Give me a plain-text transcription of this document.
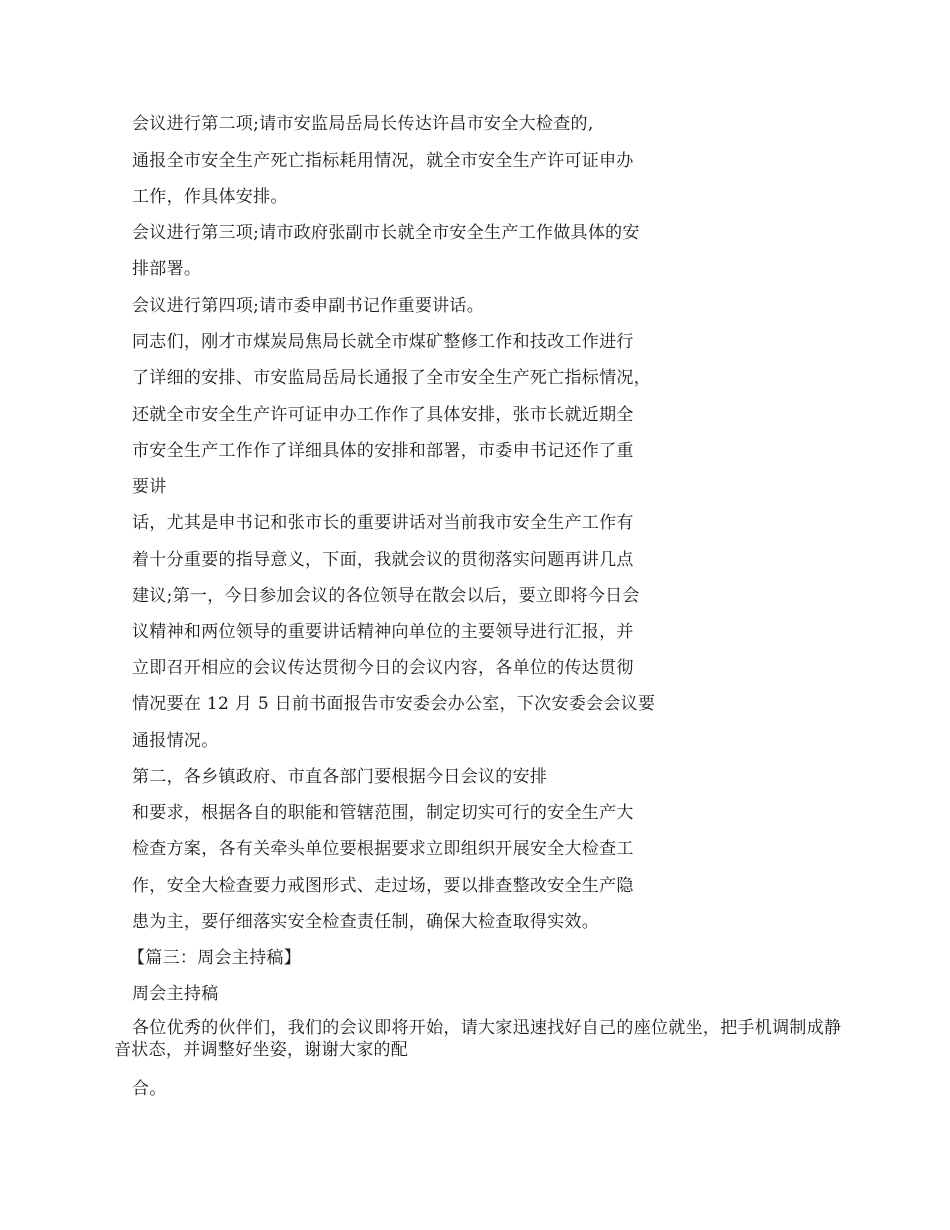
会议进行第二项;请市安监局岳局长传达许昌市安全大检查的,
通报全市安全生产死亡指标耗用情况，就全市安全生产许可证申办
工作，作具体安排。
会议进行第三项;请市政府张副市长就全市安全生产工作做具体的安
排部署。
会议进行第四项;请市委申副书记作重要讲话。
同志们，刚才市煤炭局焦局长就全市煤矿整修工作和技改工作进行
了详细的安排、市安监局岳局长通报了全市安全生产死亡指标情况，
还就全市安全生产许可证申办工作作了具体安排，张市长就近期全
市安全生产工作作了详细具体的安排和部署，市委申书记还作了重
要讲
话，尤其是申书记和张市长的重要讲话对当前我市安全生产工作有
着十分重要的指导意义，下面，我就会议的贯彻落实问题再讲几点
建议;第一，今日参加会议的各位领导在散会以后，要立即将今日会
议精神和两位领导的重要讲话精神向单位的主要领导进行汇报，并
立即召开相应的会议传达贯彻今日的会议内容，各单位的传达贯彻
情况要在 12 月 5 日前书面报告市安委会办公室，下次安委会会议要
通报情况。
第二，各乡镇政府、市直各部门要根据今日会议的安排
和要求，根据各自的职能和管辖范围，制定切实可行的安全生产大
检查方案，各有关牵头单位要根据要求立即组织开展安全大检查工
作，安全大检查要力戒图形式、走过场，要以排查整改安全生产隐
患为主，要仔细落实安全检查责任制，确保大检查取得实效。
【篇三：周会主持稿】
周会主持稿
各位优秀的伙伴们，我们的会议即将开始，请大家迅速找好自己的座位就坐，把手机调制成静音状态，并调整好坐姿，谢谢大家的配
合。
